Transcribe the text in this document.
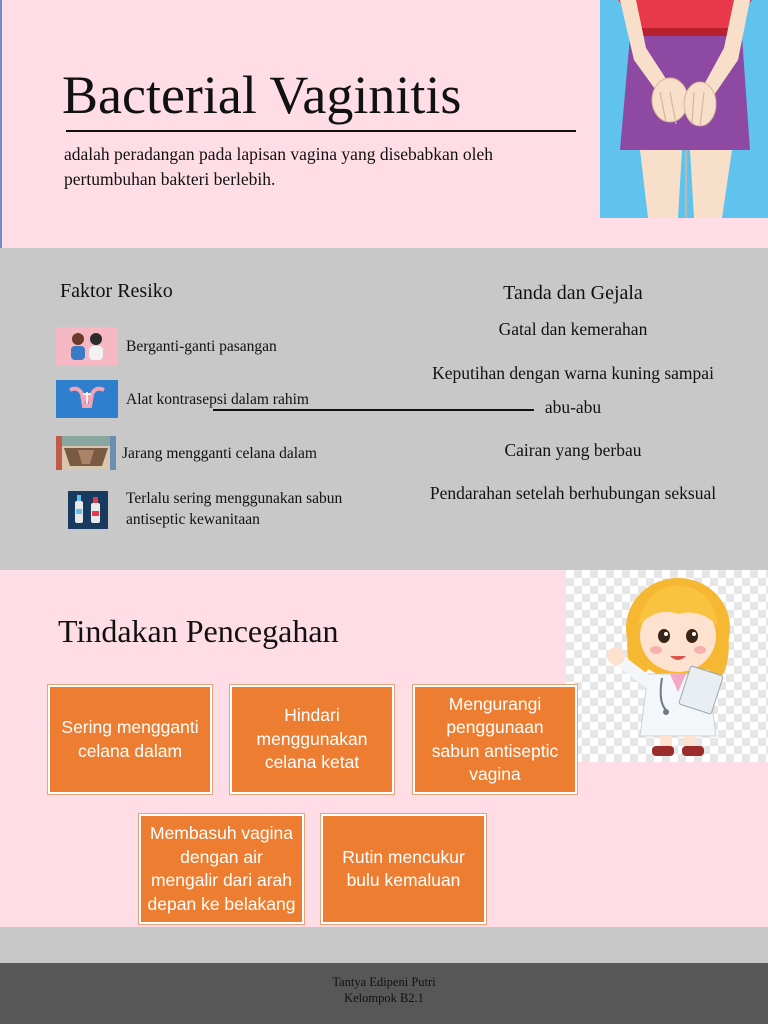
Bacterial Vaginitis
adalah peradangan pada lapisan vagina yang disebabkan oleh pertumbuhan bakteri berlebih.
Faktor Resiko	Tanda dan Gejala
Berganti-ganti pasangan
Alat kontrasepsi dalam rahim
Jarang mengganti celana dalam
Terlalu sering menggunakan sabun antiseptic kewanitaan
Gatal dan kemerahan
Keputihan dengan warna kuning sampai abu-abu
Cairan yang berbau
Pendarahan setelah berhubungan seksual
Tindakan Pencegahan
Sering mengganti celana dalam
Hindari menggunakan celana ketat
Mengurangi penggunaan sabun antiseptic vagina
Membasuh vagina dengan air mengalir dari arah depan ke belakang
Rutin mencukur bulu kemaluan
Tantya Edipeni Putri
Kelompok B2.1
